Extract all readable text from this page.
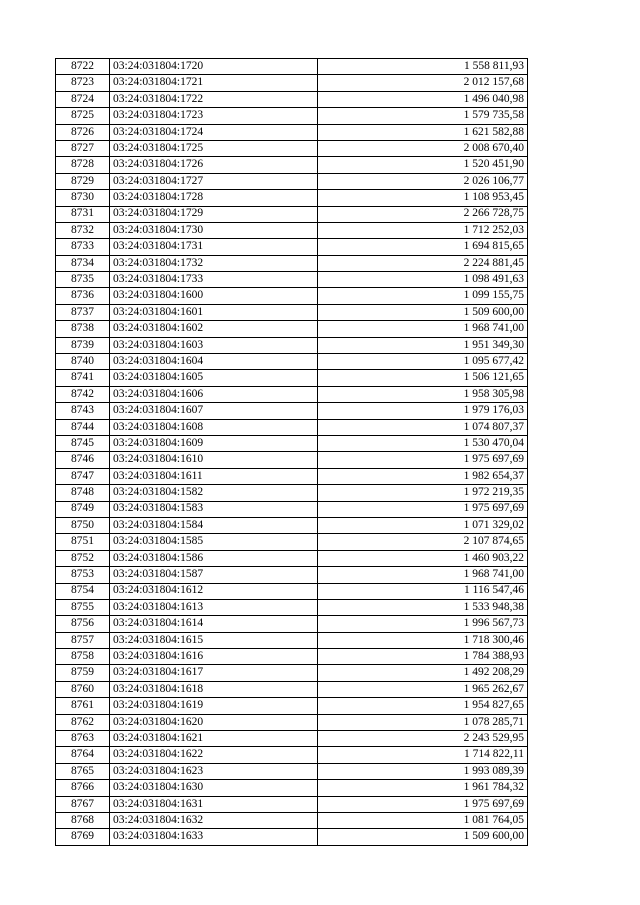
8722	03:24:031804:1720	1 558 811,93
8723	03:24:031804:1721	2 012 157,68
8724	03:24:031804:1722	1 496 040,98
8725	03:24:031804:1723	1 579 735,58
8726	03:24:031804:1724	1 621 582,88
8727	03:24:031804:1725	2 008 670,40
8728	03:24:031804:1726	1 520 451,90
8729	03:24:031804:1727	2 026 106,77
8730	03:24:031804:1728	1 108 953,45
8731	03:24:031804:1729	2 266 728,75
8732	03:24:031804:1730	1 712 252,03
8733	03:24:031804:1731	1 694 815,65
8734	03:24:031804:1732	2 224 881,45
8735	03:24:031804:1733	1 098 491,63
8736	03:24:031804:1600	1 099 155,75
8737	03:24:031804:1601	1 509 600,00
8738	03:24:031804:1602	1 968 741,00
8739	03:24:031804:1603	1 951 349,30
8740	03:24:031804:1604	1 095 677,42
8741	03:24:031804:1605	1 506 121,65
8742	03:24:031804:1606	1 958 305,98
8743	03:24:031804:1607	1 979 176,03
8744	03:24:031804:1608	1 074 807,37
8745	03:24:031804:1609	1 530 470,04
8746	03:24:031804:1610	1 975 697,69
8747	03:24:031804:1611	1 982 654,37
8748	03:24:031804:1582	1 972 219,35
8749	03:24:031804:1583	1 975 697,69
8750	03:24:031804:1584	1 071 329,02
8751	03:24:031804:1585	2 107 874,65
8752	03:24:031804:1586	1 460 903,22
8753	03:24:031804:1587	1 968 741,00
8754	03:24:031804:1612	1 116 547,46
8755	03:24:031804:1613	1 533 948,38
8756	03:24:031804:1614	1 996 567,73
8757	03:24:031804:1615	1 718 300,46
8758	03:24:031804:1616	1 784 388,93
8759	03:24:031804:1617	1 492 208,29
8760	03:24:031804:1618	1 965 262,67
8761	03:24:031804:1619	1 954 827,65
8762	03:24:031804:1620	1 078 285,71
8763	03:24:031804:1621	2 243 529,95
8764	03:24:031804:1622	1 714 822,11
8765	03:24:031804:1623	1 993 089,39
8766	03:24:031804:1630	1 961 784,32
8767	03:24:031804:1631	1 975 697,69
8768	03:24:031804:1632	1 081 764,05
8769	03:24:031804:1633	1 509 600,00
